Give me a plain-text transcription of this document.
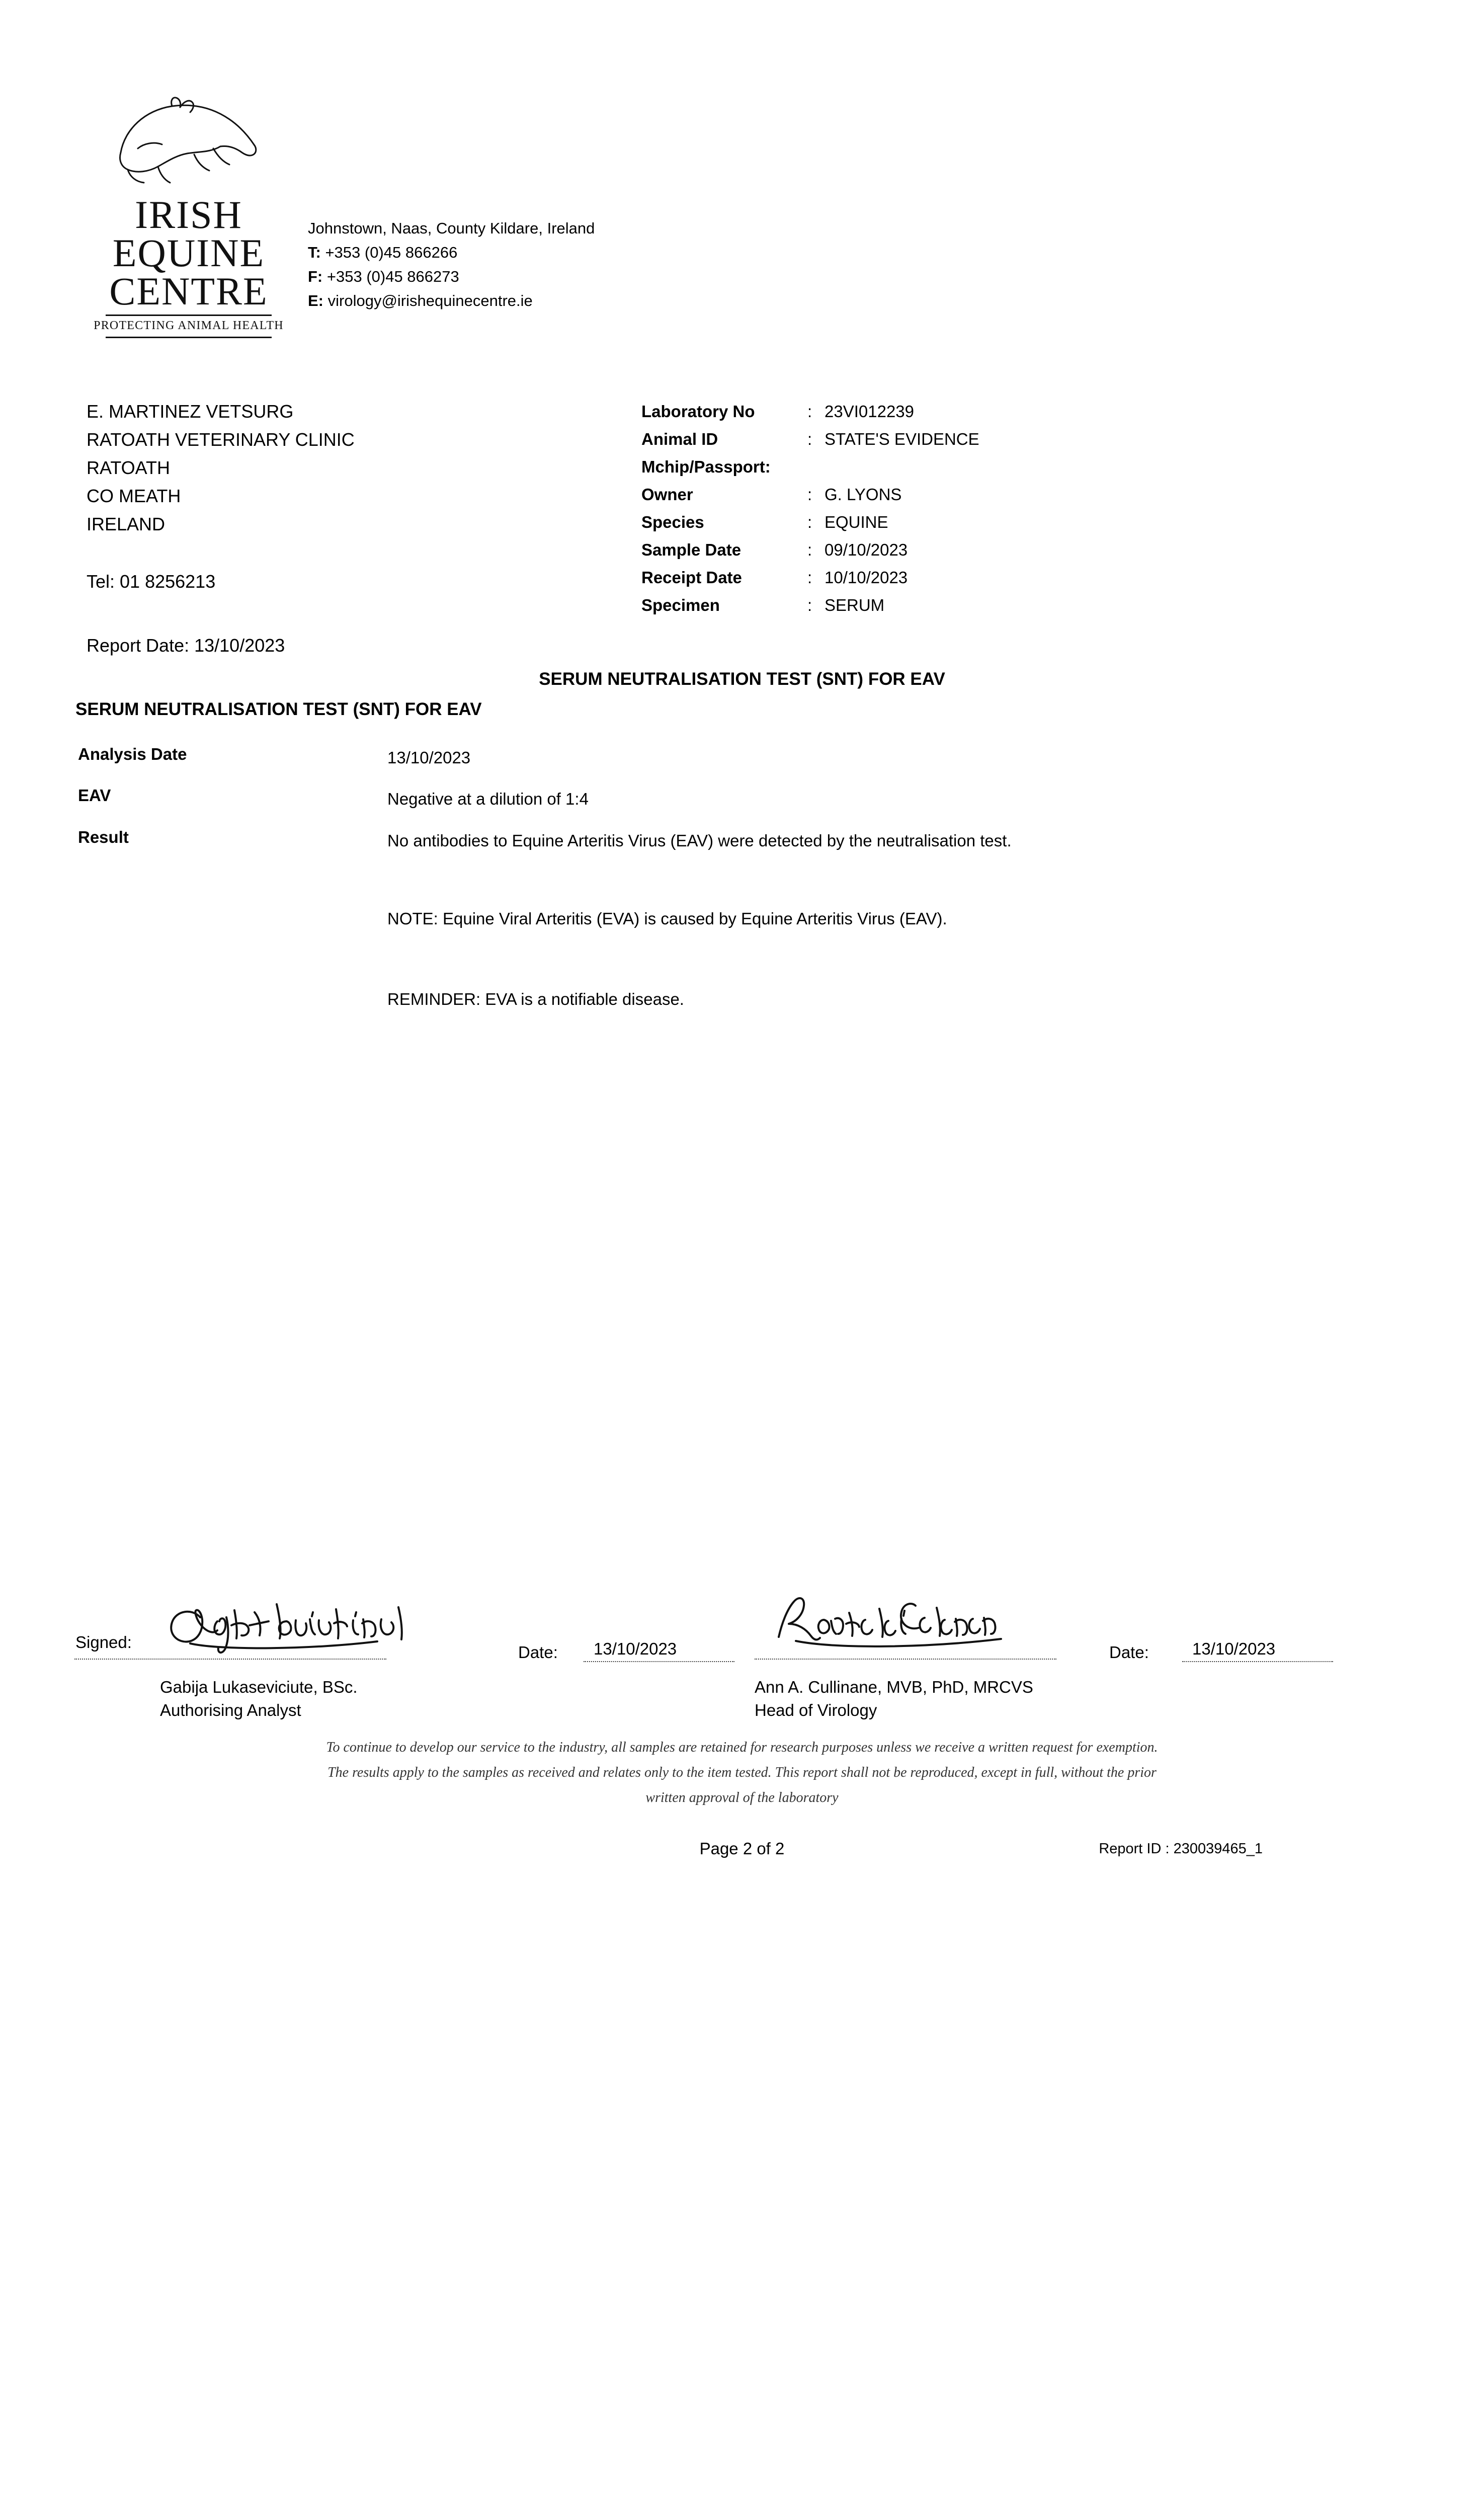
IRISH
EQUINE
CENTRE
PROTECTING ANIMAL HEALTH
Johnstown, Naas, County Kildare, Ireland
T: +353 (0)45 866266
F: +353 (0)45 866273
E: virology@irishequinecentre.ie
E. MARTINEZ VETSURG
RATOATH VETERINARY CLINIC
RATOATH
CO MEATH
IRELAND
Tel: 01 8256213
Report Date: 13/10/2023
Laboratory No	:	23VI012239
Animal ID	:	STATE'S EVIDENCE
Mchip/Passport:		
Owner	:	G. LYONS
Species	:	EQUINE
Sample Date	:	09/10/2023
Receipt Date	:	10/10/2023
Specimen	:	SERUM
SERUM NEUTRALISATION TEST (SNT) FOR EAV
SERUM NEUTRALISATION TEST (SNT) FOR EAV
Analysis Date	13/10/2023
EAV	Negative at a dilution of 1:4
Result	No antibodies to Equine Arteritis Virus (EAV) were detected by the neutralisation test.
NOTE: Equine Viral Arteritis (EVA) is caused by Equine Arteritis Virus (EAV).
REMINDER: EVA is a notifiable disease.
Signed:
Date: 13/10/2023	Date:	13/10/2023
Gabija Lukaseviciute, BSc.
Authorising Analyst
Ann A. Cullinane, MVB, PhD, MRCVS
Head of Virology
To continue to develop our service to the industry, all samples are retained for research purposes unless we receive a written request for exemption.
The results apply to the samples as received and relates only to the item tested. This report shall not be reproduced, except in full, without the prior
written approval of the laboratory
Page 2 of 2	Report ID : 230039465_1
